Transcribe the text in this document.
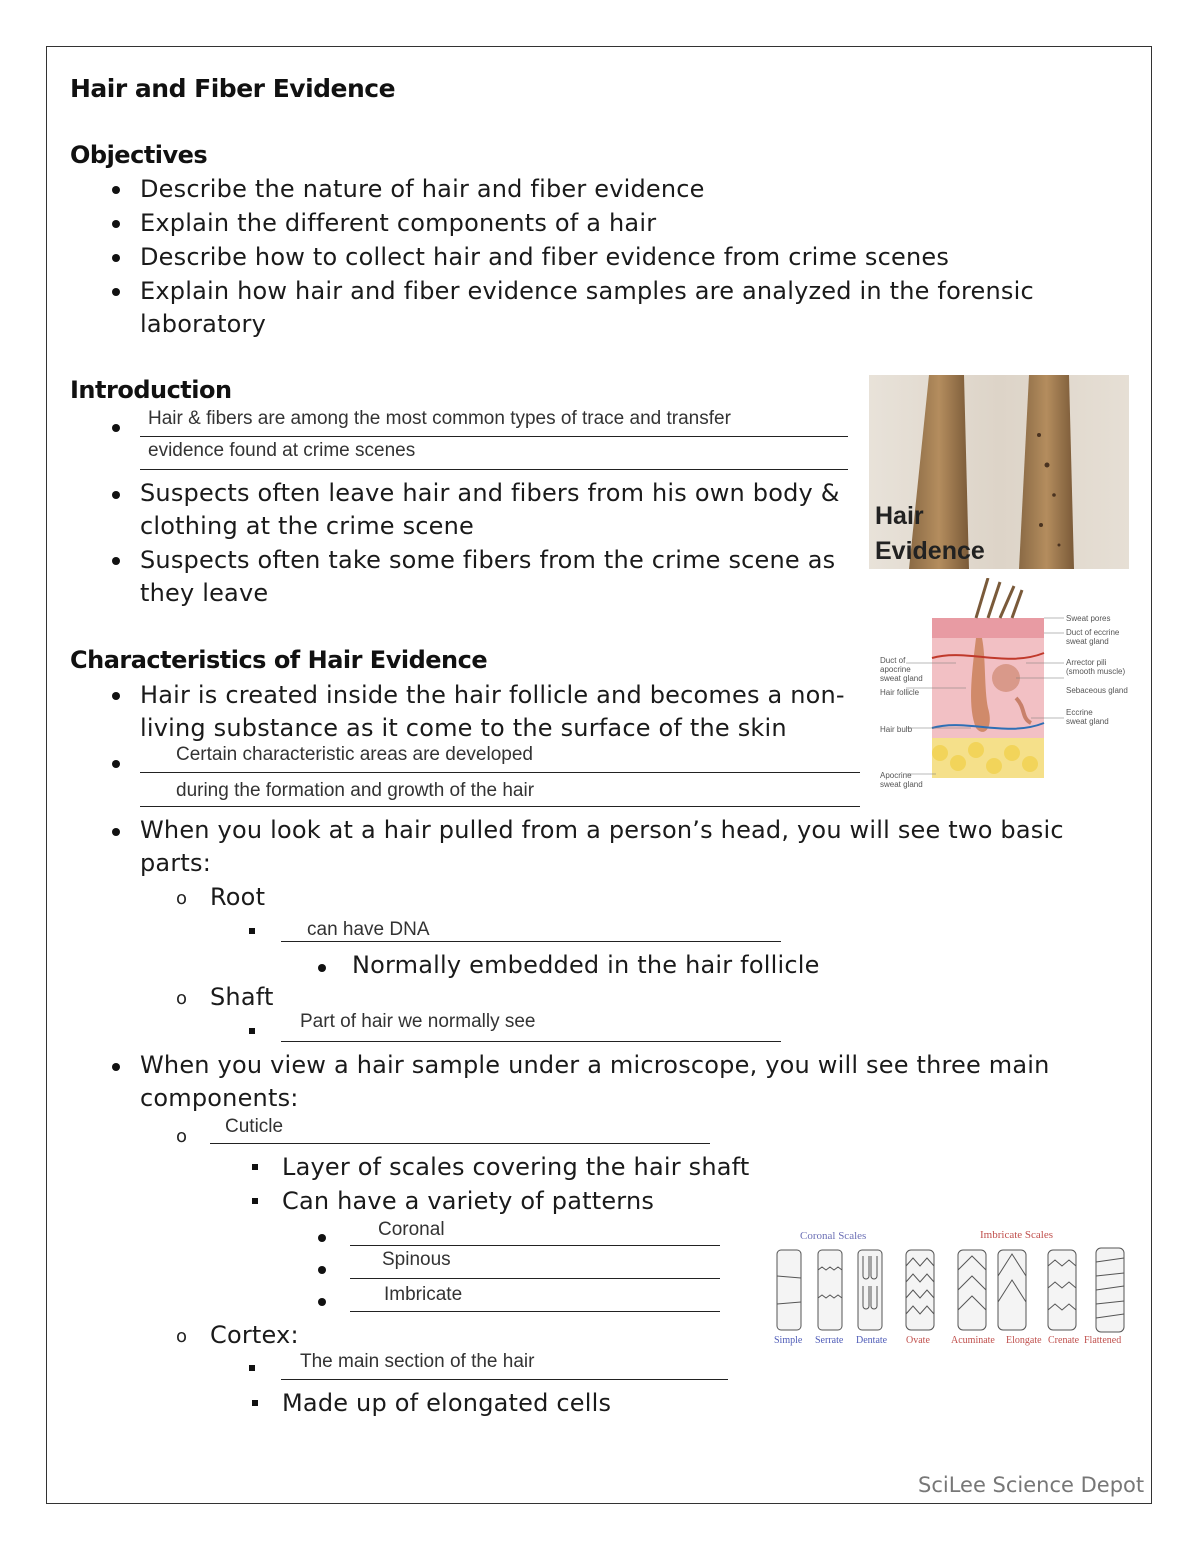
Hair and Fiber Evidence
Objectives
Describe the nature of hair and fiber evidence
Explain the different components of a hair
Describe how to collect hair and fiber evidence from crime scenes
Explain how hair and fiber evidence samples are analyzed in the forensic
laboratory
Introduction
Hair & fibers are among the most common types of trace and transfer
evidence found at crime scenes
Suspects often leave hair and fibers from his own body &
clothing at the crime scene
Suspects often take some fibers from the crime scene as
they leave
Hair
Evidence
Sweat pores
Duct of eccrine
sweat gland
Arrector pili
(smooth muscle)
Sebaceous gland
Eccrine
sweat gland
Duct of
apocrine
sweat gland
Hair follicle
Hair bulb
Apocrine
sweat gland
Characteristics of Hair Evidence
Hair is created inside the hair follicle and becomes a non-
living substance as it come to the surface of the skin
Certain characteristic areas are developed
during the formation and growth of the hair
When you look at a hair pulled from a person’s head, you will see two basic
parts:
o Root
can have DNA
Normally embedded in the hair follicle
o Shaft
Part of hair we normally see
When you view a hair sample under a microscope, you will see three main
components:
o Cuticle
Layer of scales covering the hair shaft
Can have a variety of patterns
Coronal
Spinous
Imbricate
o Cortex:
The main section of the hair
Made up of elongated cells
Coronal Scales	Imbricate Scales
Simple Serrate Dentate Ovate Acuminate Elongate Crenate Flattened
SciLee Science Depot
